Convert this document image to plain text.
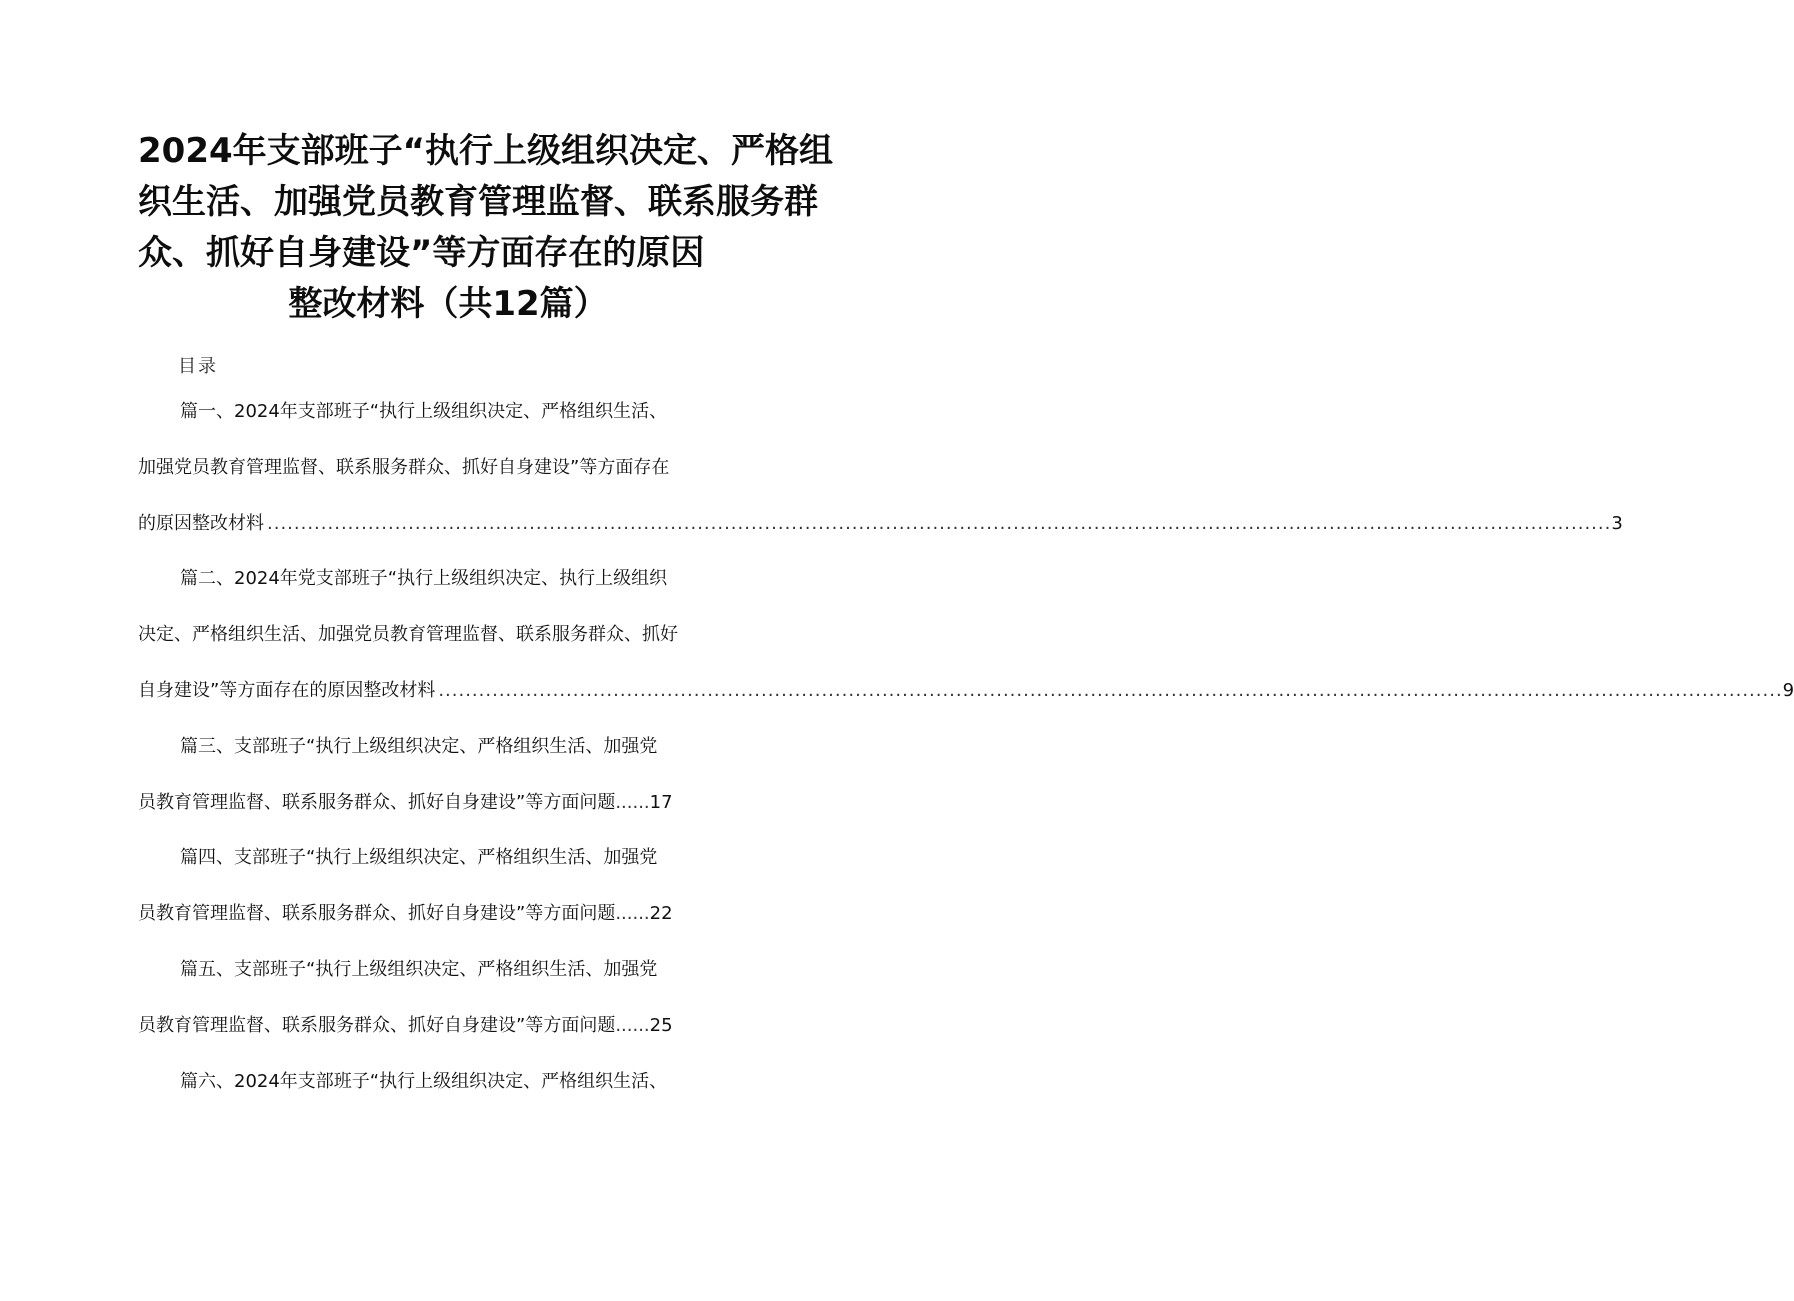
2024年支部班子“执行上级组织决定、严格组
织生活、加强党员教育管理监督、联系服务群
众、抓好自身建设”等方面存在的原因
整改材料（共12篇）
目录
篇一、2024年支部班子“执行上级组织决定、严格组织生活、
加强党员教育管理监督、联系服务群众、抓好自身建设”等方面存在
的原因整改材料 ........................................................................................................................................................................................................ 3
篇二、2024年党支部班子“执行上级组织决定、执行上级组织
决定、严格组织生活、加强党员教育管理监督、联系服务群众、抓好
自身建设”等方面存在的原因整改材料 ........................................................................................................................................................................................................ 9
篇三、支部班子“执行上级组织决定、严格组织生活、加强党
员教育管理监督、联系服务群众、抓好自身建设”等方面问题 ...... 17
篇四、支部班子“执行上级组织决定、严格组织生活、加强党
员教育管理监督、联系服务群众、抓好自身建设”等方面问题 ...... 22
篇五、支部班子“执行上级组织决定、严格组织生活、加强党
员教育管理监督、联系服务群众、抓好自身建设”等方面问题 ...... 25
篇六、2024年支部班子“执行上级组织决定、严格组织生活、
